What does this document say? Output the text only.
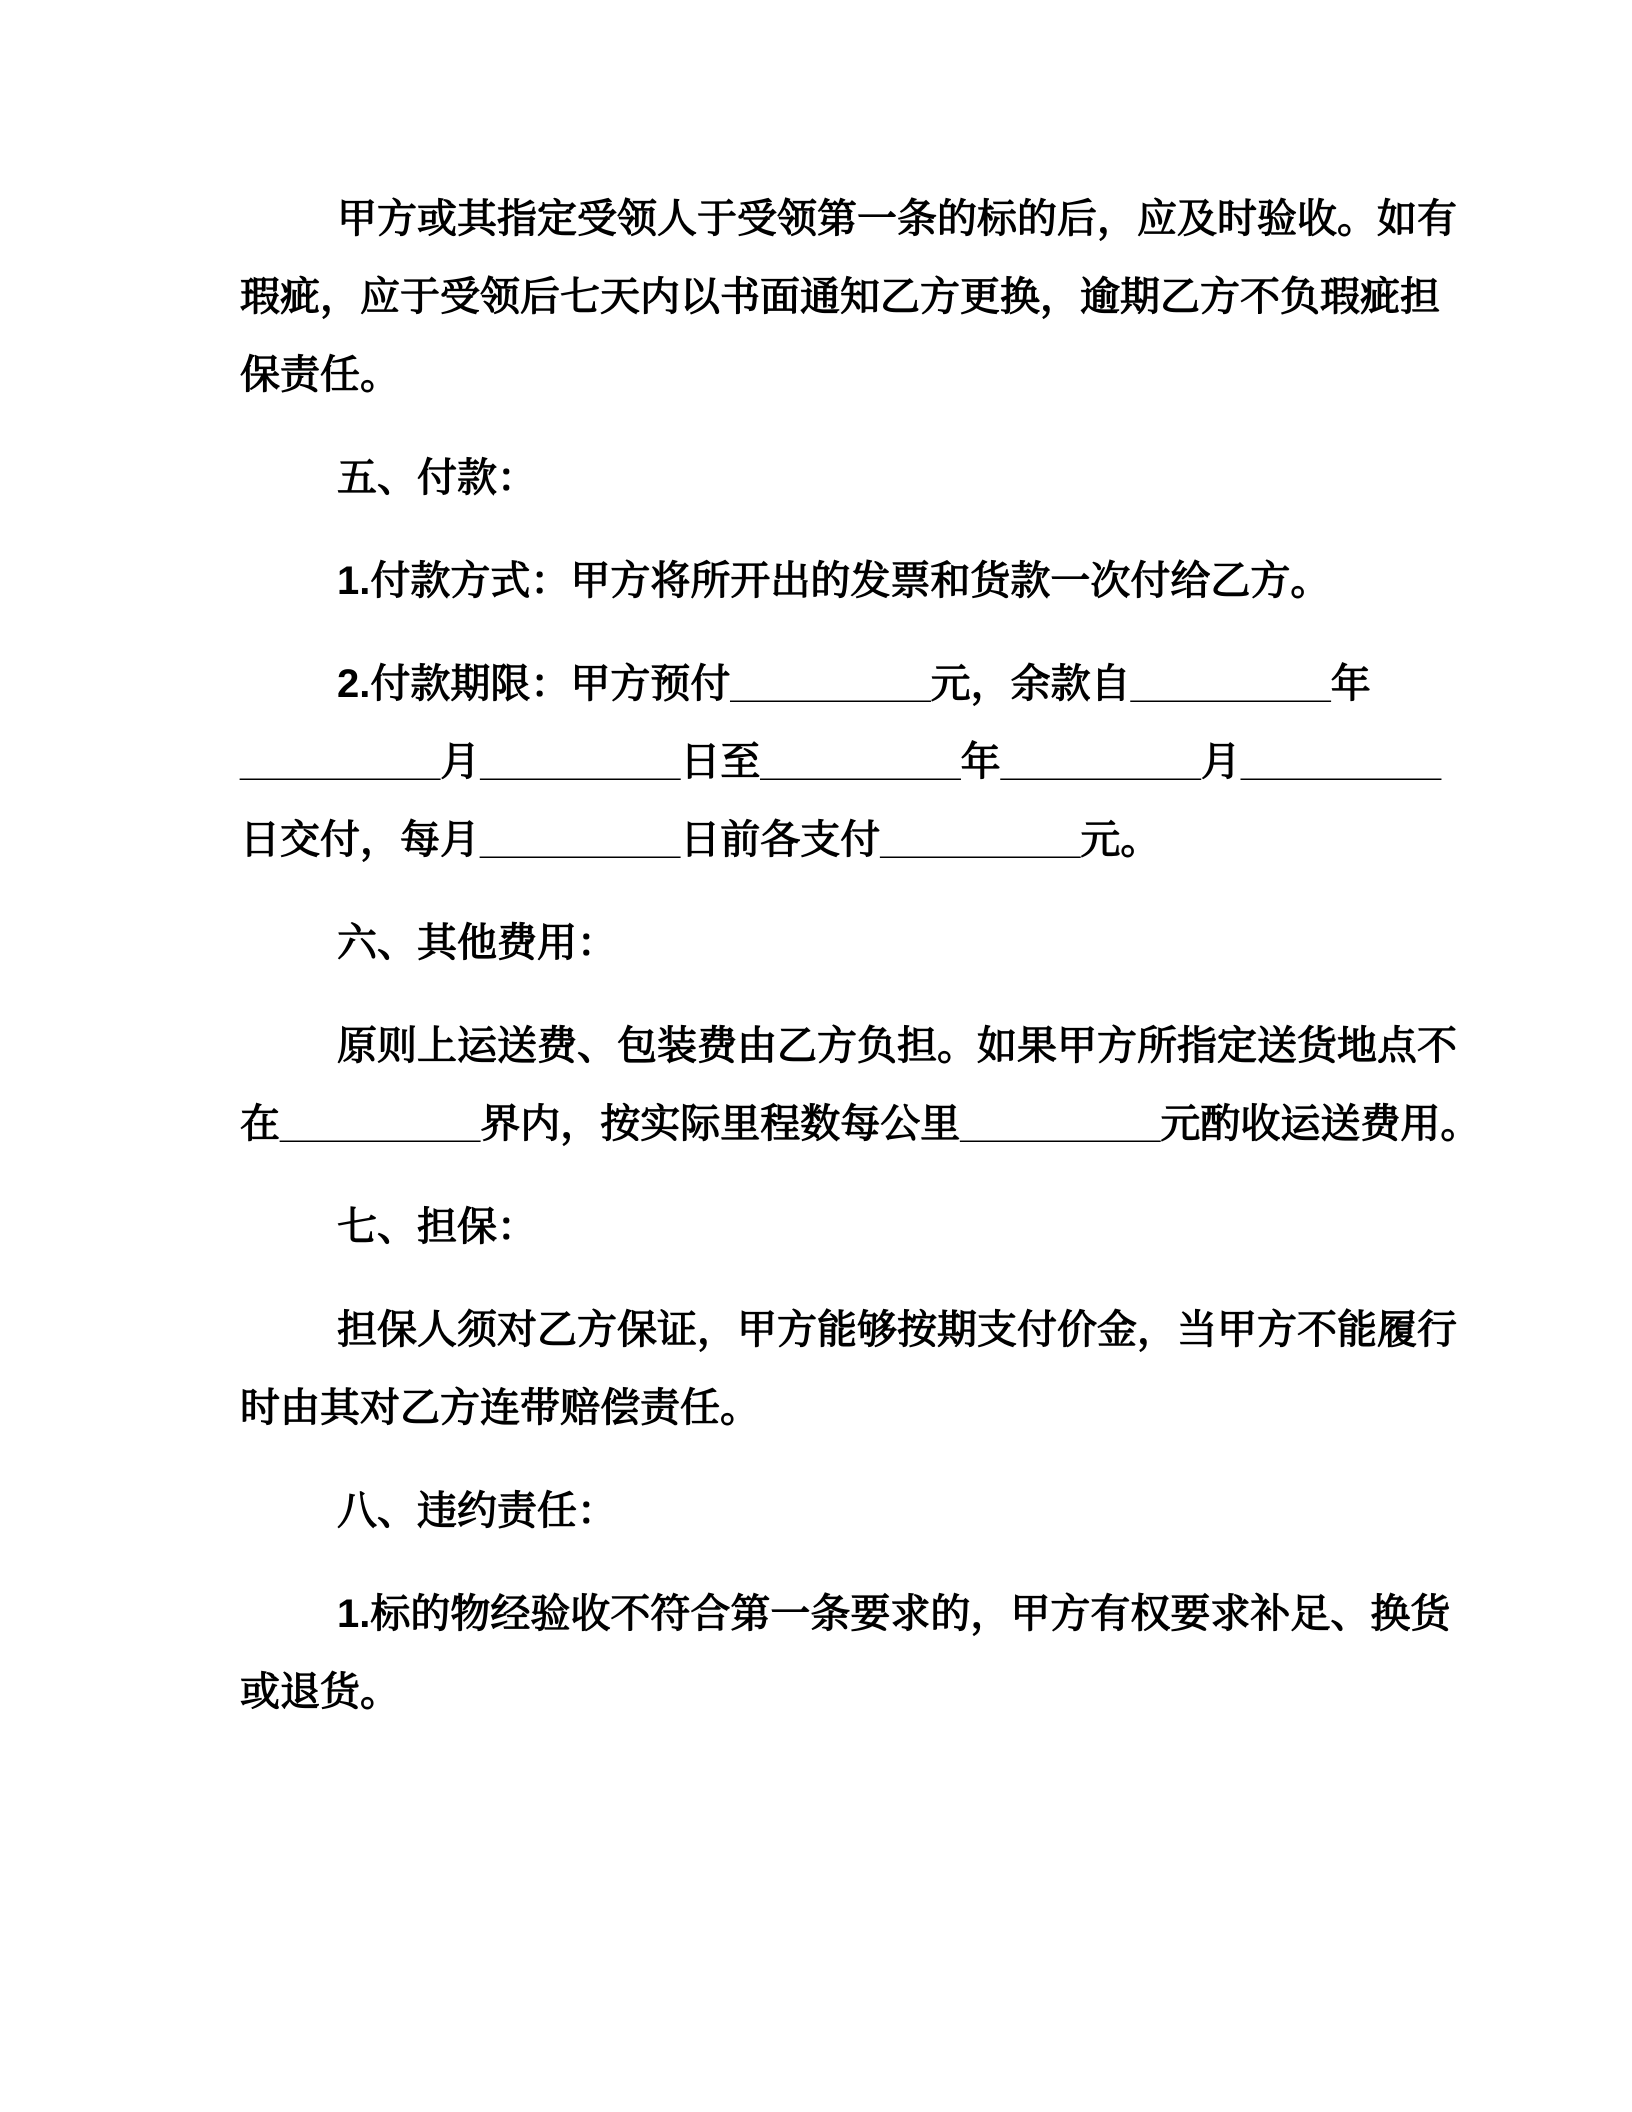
甲方或其指定受领人于受领第一条的标的后，应及时验收。如有
瑕疵，应于受领后七天内以书面通知乙方更换，逾期乙方不负瑕疵担
保责任。

五、付款：

1.付款方式：甲方将所开出的发票和货款一次付给乙方。

2.付款期限：甲方预付_________元，余款自_________年
_________月_________日至_________年_________月_________
日交付，每月_________日前各支付_________元。

六、其他费用：

原则上运送费、包装费由乙方负担。如果甲方所指定送货地点不
在_________界内，按实际里程数每公里_________元酌收运送费用。

七、担保：

担保人须对乙方保证，甲方能够按期支付价金，当甲方不能履行
时由其对乙方连带赔偿责任。

八、违约责任：

1.标的物经验收不符合第一条要求的，甲方有权要求补足、换货
或退货。
